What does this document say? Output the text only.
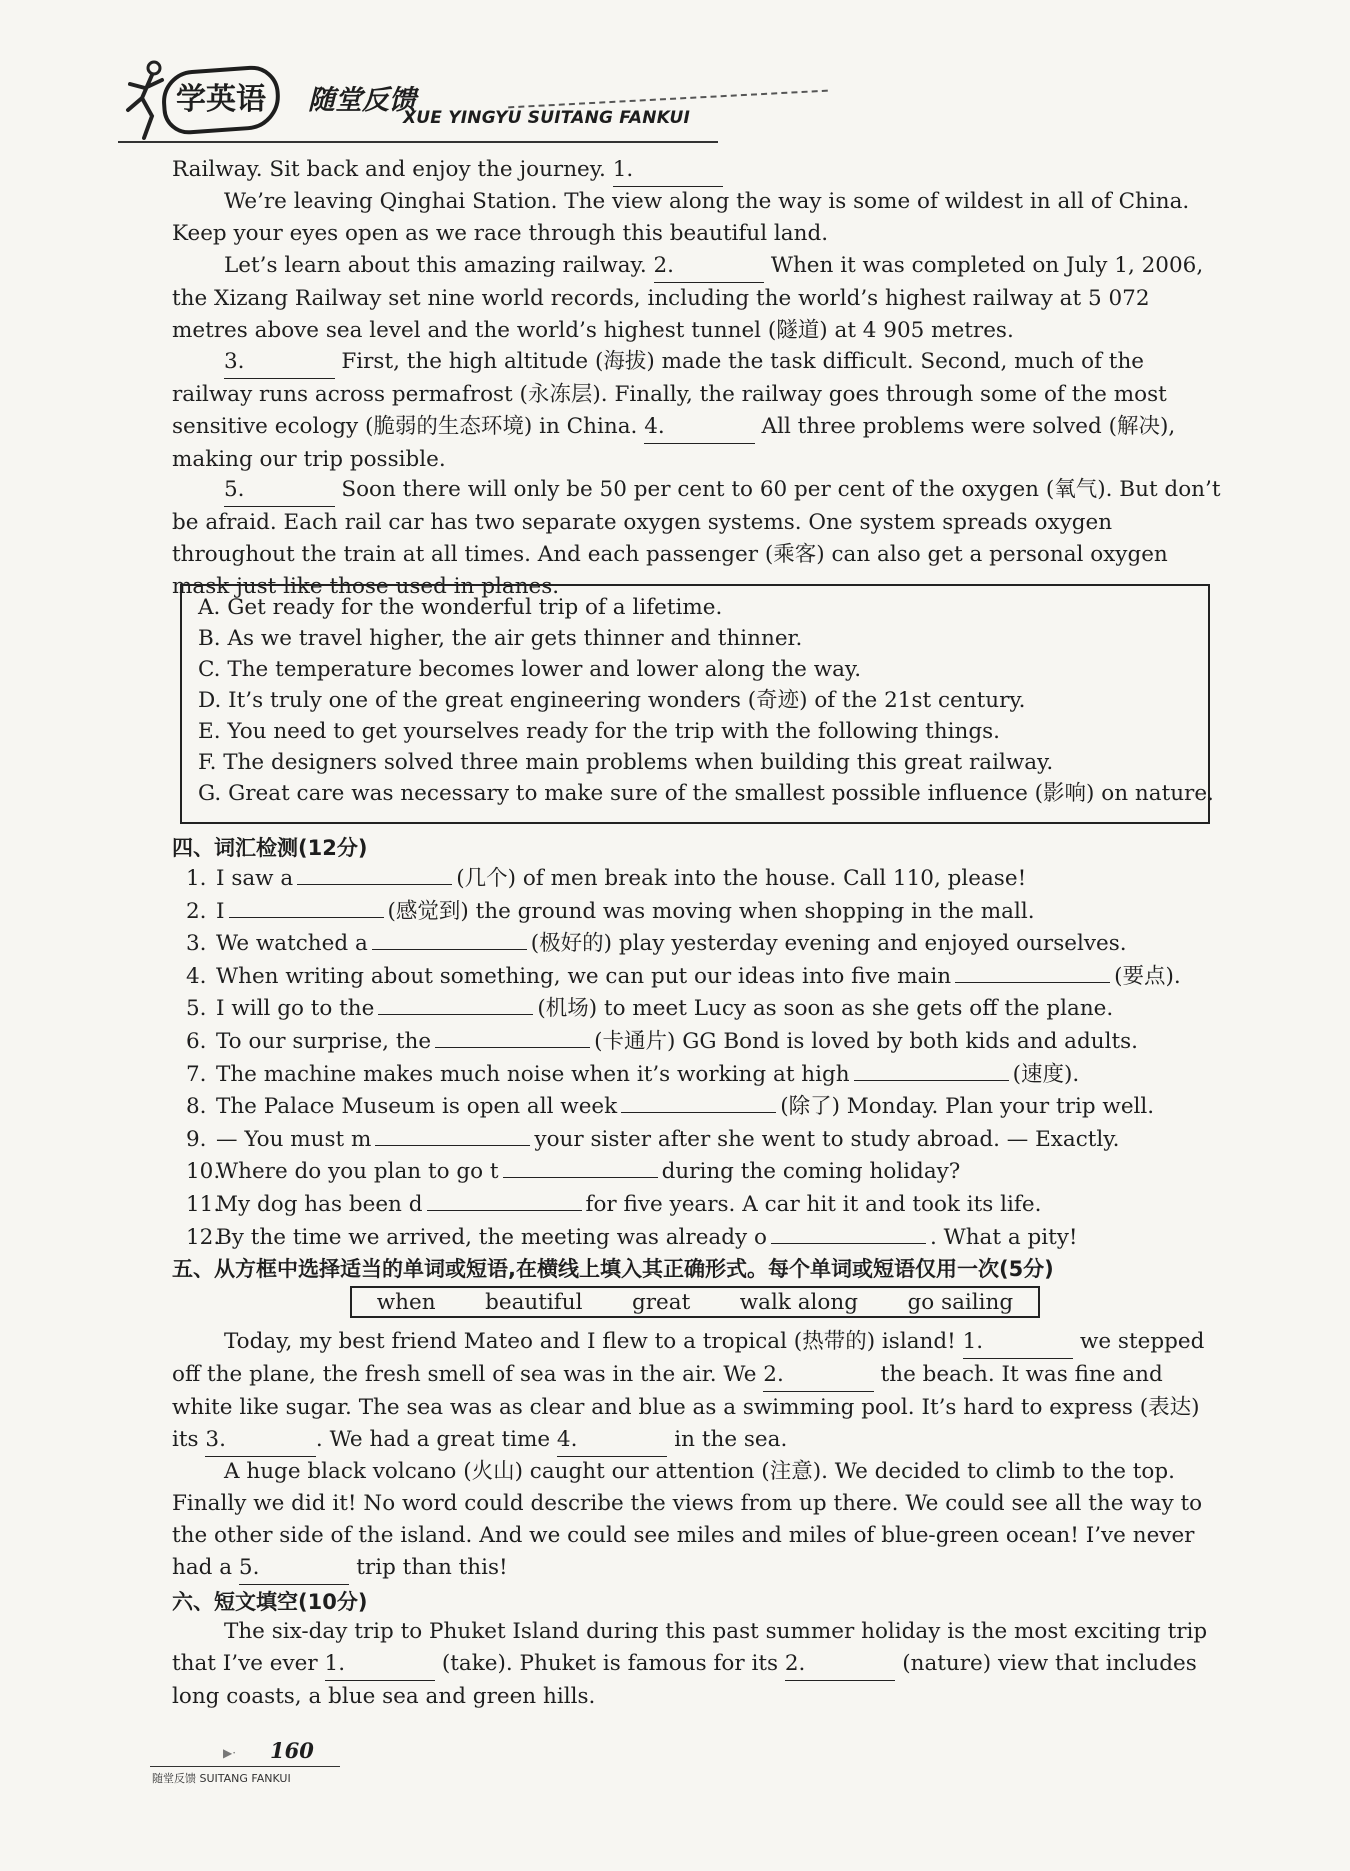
学英语 随堂反馈
XUE YINGYU SUITANG FANKUI

Railway. Sit back and enjoy the journey. 1.

We’re leaving Qinghai Station. The view along the way is some of wildest in all of China. Keep your eyes open as we race through this beautiful land.

Let’s learn about this amazing railway. 2.	When it was completed on July 1, 2006, the Xizang Railway set nine world records, including the world’s highest railway at 5 072 metres above sea level and the world’s highest tunnel (隧道) at 4 905 metres.

3.	First, the high altitude (海拔) made the task difficult. Second, much of the railway runs across permafrost (永冻层). Finally, the railway goes through some of the most sensitive ecology (脆弱的生态环境) in China. 4.	All three problems were solved (解决), making our trip possible.

5.	Soon there will only be 50 per cent to 60 per cent of the oxygen (氧气). But don’t be afraid. Each rail car has two separate oxygen systems. One system spreads oxygen throughout the train at all times. And each passenger (乘客) can also get a personal oxygen mask just like those used in planes.

A. Get ready for the wonderful trip of a lifetime.
B. As we travel higher, the air gets thinner and thinner.
C. The temperature becomes lower and lower along the way.
D. It’s truly one of the great engineering wonders (奇迹) of the 21st century.
E. You need to get yourselves ready for the trip with the following things.
F. The designers solved three main problems when building this great railway.
G. Great care was necessary to make sure of the smallest possible influence (影响) on nature.
四、词汇检测(12分)
1. I saw a	(几个) of men break into the house. Call 110, please!
2. I	(感觉到) the ground was moving when shopping in the mall.
3. We watched a	(极好的) play yesterday evening and enjoyed ourselves.
4. When writing about something, we can put our ideas into five main	(要点).
5. I will go to the	(机场) to meet Lucy as soon as she gets off the plane.
6. To our surprise, the	(卡通片) GG Bond is loved by both kids and adults.
7. The machine makes much noise when it’s working at high	(速度).
8. The Palace Museum is open all week	(除了) Monday. Plan your trip well.
9. — You must m	your sister after she went to study abroad. — Exactly.
10.Where do you plan to go t	during the coming holiday?
11.My dog has been d	for five years. A car hit it and took its life.
12.By the time we arrived, the meeting was already o	. What a pity!
五、从方框中选择适当的单词或短语,在横线上填入其正确形式。每个单词或短语仅用一次(5分)
when beautiful great walk along go sailing

Today, my best friend Mateo and I flew to a tropical (热带的) island! 1.	we stepped off the plane, the fresh smell of sea was in the air. We 2.	the beach. It was fine and white like sugar. The sea was as clear and blue as a swimming pool. It’s hard to express (表达) its 3.	. We had a great time 4.	in the sea.

A huge black volcano (火山) caught our attention (注意). We decided to climb to the top. Finally we did it! No word could describe the views from up there. We could see all the way to the other side of the island. And we could see miles and miles of blue-green ocean! I’ve never had a 5.	trip than this!

六、短文填空(10分)

The six-day trip to Phuket Island during this past summer holiday is the most exciting trip that I’ve ever 1.	(take). Phuket is famous for its 2.	(nature) view that includes long coasts, a blue sea and green hills.

▶· 160
随堂反馈 SUITANG FANKUI
